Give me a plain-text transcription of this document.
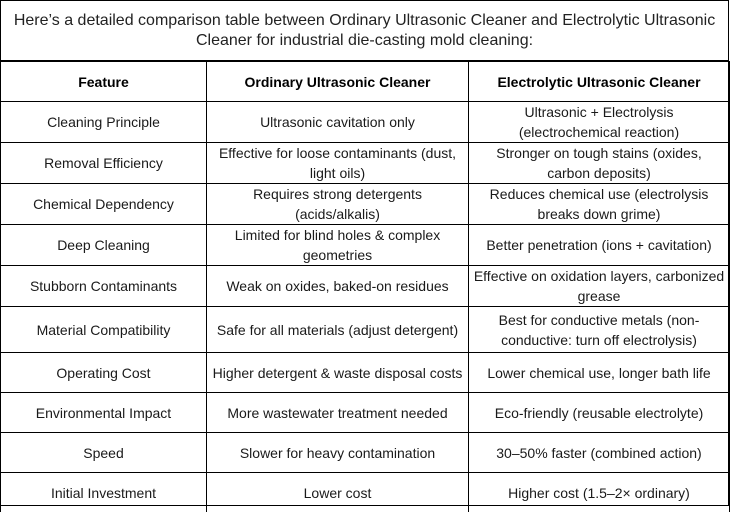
Here’s a detailed comparison table between Ordinary Ultrasonic Cleaner and Electrolytic Ultrasonic Cleaner for industrial die-casting mold cleaning:
Feature	Ordinary Ultrasonic Cleaner	Electrolytic Ultrasonic Cleaner
Cleaning Principle	Ultrasonic cavitation only	Ultrasonic + Electrolysis (electrochemical reaction)
Removal Efficiency	Effective for loose contaminants (dust, light oils)	Stronger on tough stains (oxides, carbon deposits)
Chemical Dependency	Requires strong detergents (acids/alkalis)	Reduces chemical use (electrolysis breaks down grime)
Deep Cleaning	Limited for blind holes & complex geometries	Better penetration (ions + cavitation)
Stubborn Contaminants	Weak on oxides, baked-on residues	Effective on oxidation layers, carbonized grease
Material Compatibility	Safe for all materials (adjust detergent)	Best for conductive metals (non-conductive: turn off electrolysis)
Operating Cost	Higher detergent & waste disposal costs	Lower chemical use, longer bath life
Environmental Impact	More wastewater treatment needed	Eco-friendly (reusable electrolyte)
Speed	Slower for heavy contamination	30–50% faster (combined action)
Initial Investment	Lower cost	Higher cost (1.5–2× ordinary)
